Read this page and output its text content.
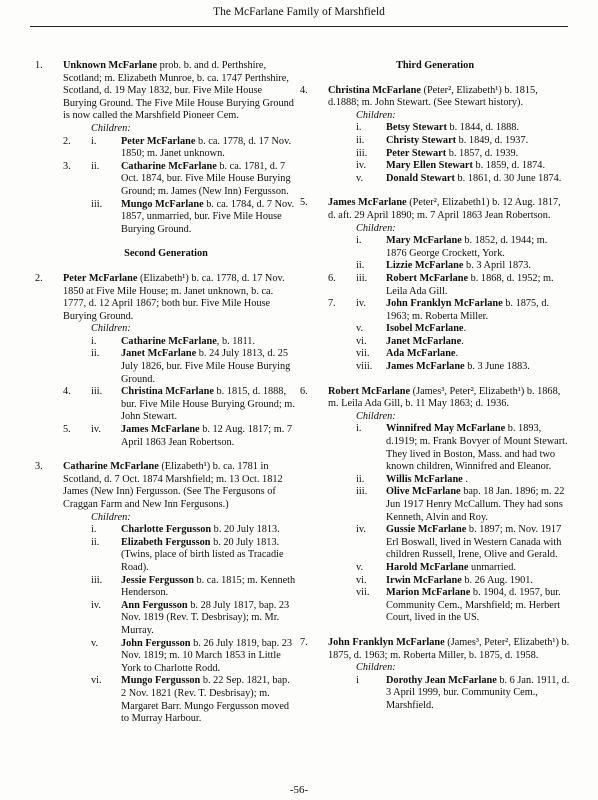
The McFarlane Family of Marshfield
1. Unknown McFarlane prob. b. and d. Perthshire, Scotland; m. Elizabeth Munroe, b. ca. 1747 Perthshire, Scotland, d. 19 May 1832, bur. Five Mile House Burying Ground. The Five Mile House Burying Ground is now called the Marshfield Pioneer Cem.
Children:
2.	i.	Peter McFarlane b. ca. 1778, d. 17 Nov. 1850; m. Janet unknown.
3.	ii.	Catharine McFarlane b. ca. 1781, d. 7 Oct. 1874, bur. Five Mile House Burying Ground; m. James (New Inn) Fergusson.
iii.	Mungo McFarlane b. ca. 1784, d. 7 Nov. 1857, unmarried, bur. Five Mile House Burying Ground.
Second Generation
2. Peter McFarlane (Elizabeth¹) b. ca. 1778, d. 17 Nov. 1850 at Five Mile House; m. Janet unknown, b. ca. 1777, d. 12 April 1867; both bur. Five Mile House Burying Ground.
Children:
i.	Catharine McFarlane, b. 1811.
ii.	Janet McFarlane b. 24 July 1813, d. 25 July 1826, bur. Five Mile House Burying Ground.
4.	iii.	Christina McFarlane b. 1815, d. 1888, bur. Five Mile House Burying Ground; m. John Stewart.
5.	iv.	James McFarlane b. 12 Aug. 1817; m. 7 April 1863 Jean Robertson.
3. Catharine McFarlane (Elizabeth¹) b. ca. 1781 in Scotland, d. 7 Oct. 1874 Marshfield; m. 13 Oct. 1812 James (New Inn) Fergusson. (See The Fergusons of Craggan Farm and New Inn Fergusons.)
Children:
i.	Charlotte Fergusson b. 20 July 1813.
ii.	Elizabeth Fergusson b. 20 July 1813. (Twins, place of birth listed as Tracadie Road).
iii.	Jessie Fergusson b. ca. 1815; m. Kenneth Henderson.
iv.	Ann Fergusson b. 28 July 1817, bap. 23 Nov. 1819 (Rev. T. Desbrisay); m. Mr. Murray.
v.	John Fergusson b. 26 July 1819, bap. 23 Nov. 1819; m. 10 March 1853 in Little York to Charlotte Rodd.
vi.	Mungo Fergusson b. 22 Sep. 1821, bap. 2 Nov. 1821 (Rev. T. Desbrisay); m. Margaret Barr. Mungo Fergusson moved to Murray Harbour.
Third Generation
4. Christina McFarlane (Peter², Elizabeth¹) b. 1815, d.1888; m. John Stewart. (See Stewart history).
Children:
i.	Betsy Stewart b. 1844, d. 1888.
ii.	Christy Stewart b. 1849, d. 1937.
iii.	Peter Stewart b. 1857, d. 1939.
iv.	Mary Ellen Stewart b. 1859, d. 1874.
v.	Donald Stewart b. 1861, d. 30 June 1874.
5. James McFarlane (Peter², Elizabeth1) b. 12 Aug. 1817, d. aft. 29 April 1890; m. 7 April 1863 Jean Robertson.
Children:
i.	Mary McFarlane b. 1852, d. 1944; m. 1876 George Crockett, York.
ii.	Lizzie McFarlane b. 3 April 1873.
6.	iii.	Robert McFarlane b. 1868, d. 1952; m. Leila Ada Gill.
7.	iv.	John Franklyn McFarlane b. 1875, d. 1963; m. Roberta Miller.
v.	Isobel McFarlane.
vi.	Janet McFarlane.
vii.	Ada McFarlane.
viii.	James McFarlane b. 3 June 1883.
6. Robert McFarlane (James³, Peter², Elizabeth¹) b. 1868, m. Leila Ada Gill, b. 11 May 1863; d. 1936.
Children:
i.	Winnifred May McFarlane b. 1893, d.1919; m. Frank Bovyer of Mount Stewart. They lived in Boston, Mass. and had two known children, Winnifred and Eleanor.
ii.	Willis McFarlane .
iii.	Olive McFarlane bap. 18 Jan. 1896; m. 22 Jun 1917 Henry McCallum. They had sons Kenneth, Alvin and Roy.
iv.	Gussie McFarlane b. 1897; m. Nov. 1917 Erl Boswall, lived in Western Canada with children Russell, Irene, Olive and Gerald.
v.	Harold McFarlane unmarried.
vi.	Irwin McFarlane b. 26 Aug. 1901.
vii.	Marion McFarlane b. 1904, d. 1957, bur. Community Cem., Marshfield; m. Herbert Court, lived in the US.
7. John Franklyn McFarlane (James³, Peter², Elizabeth¹) b. 1875, d. 1963; m. Roberta Miller, b. 1875, d. 1958.
Children:
i	Dorothy Jean McFarlane b. 6 Jan. 1911, d. 3 April 1999, bur. Community Cem., Marshfield.
-56-
